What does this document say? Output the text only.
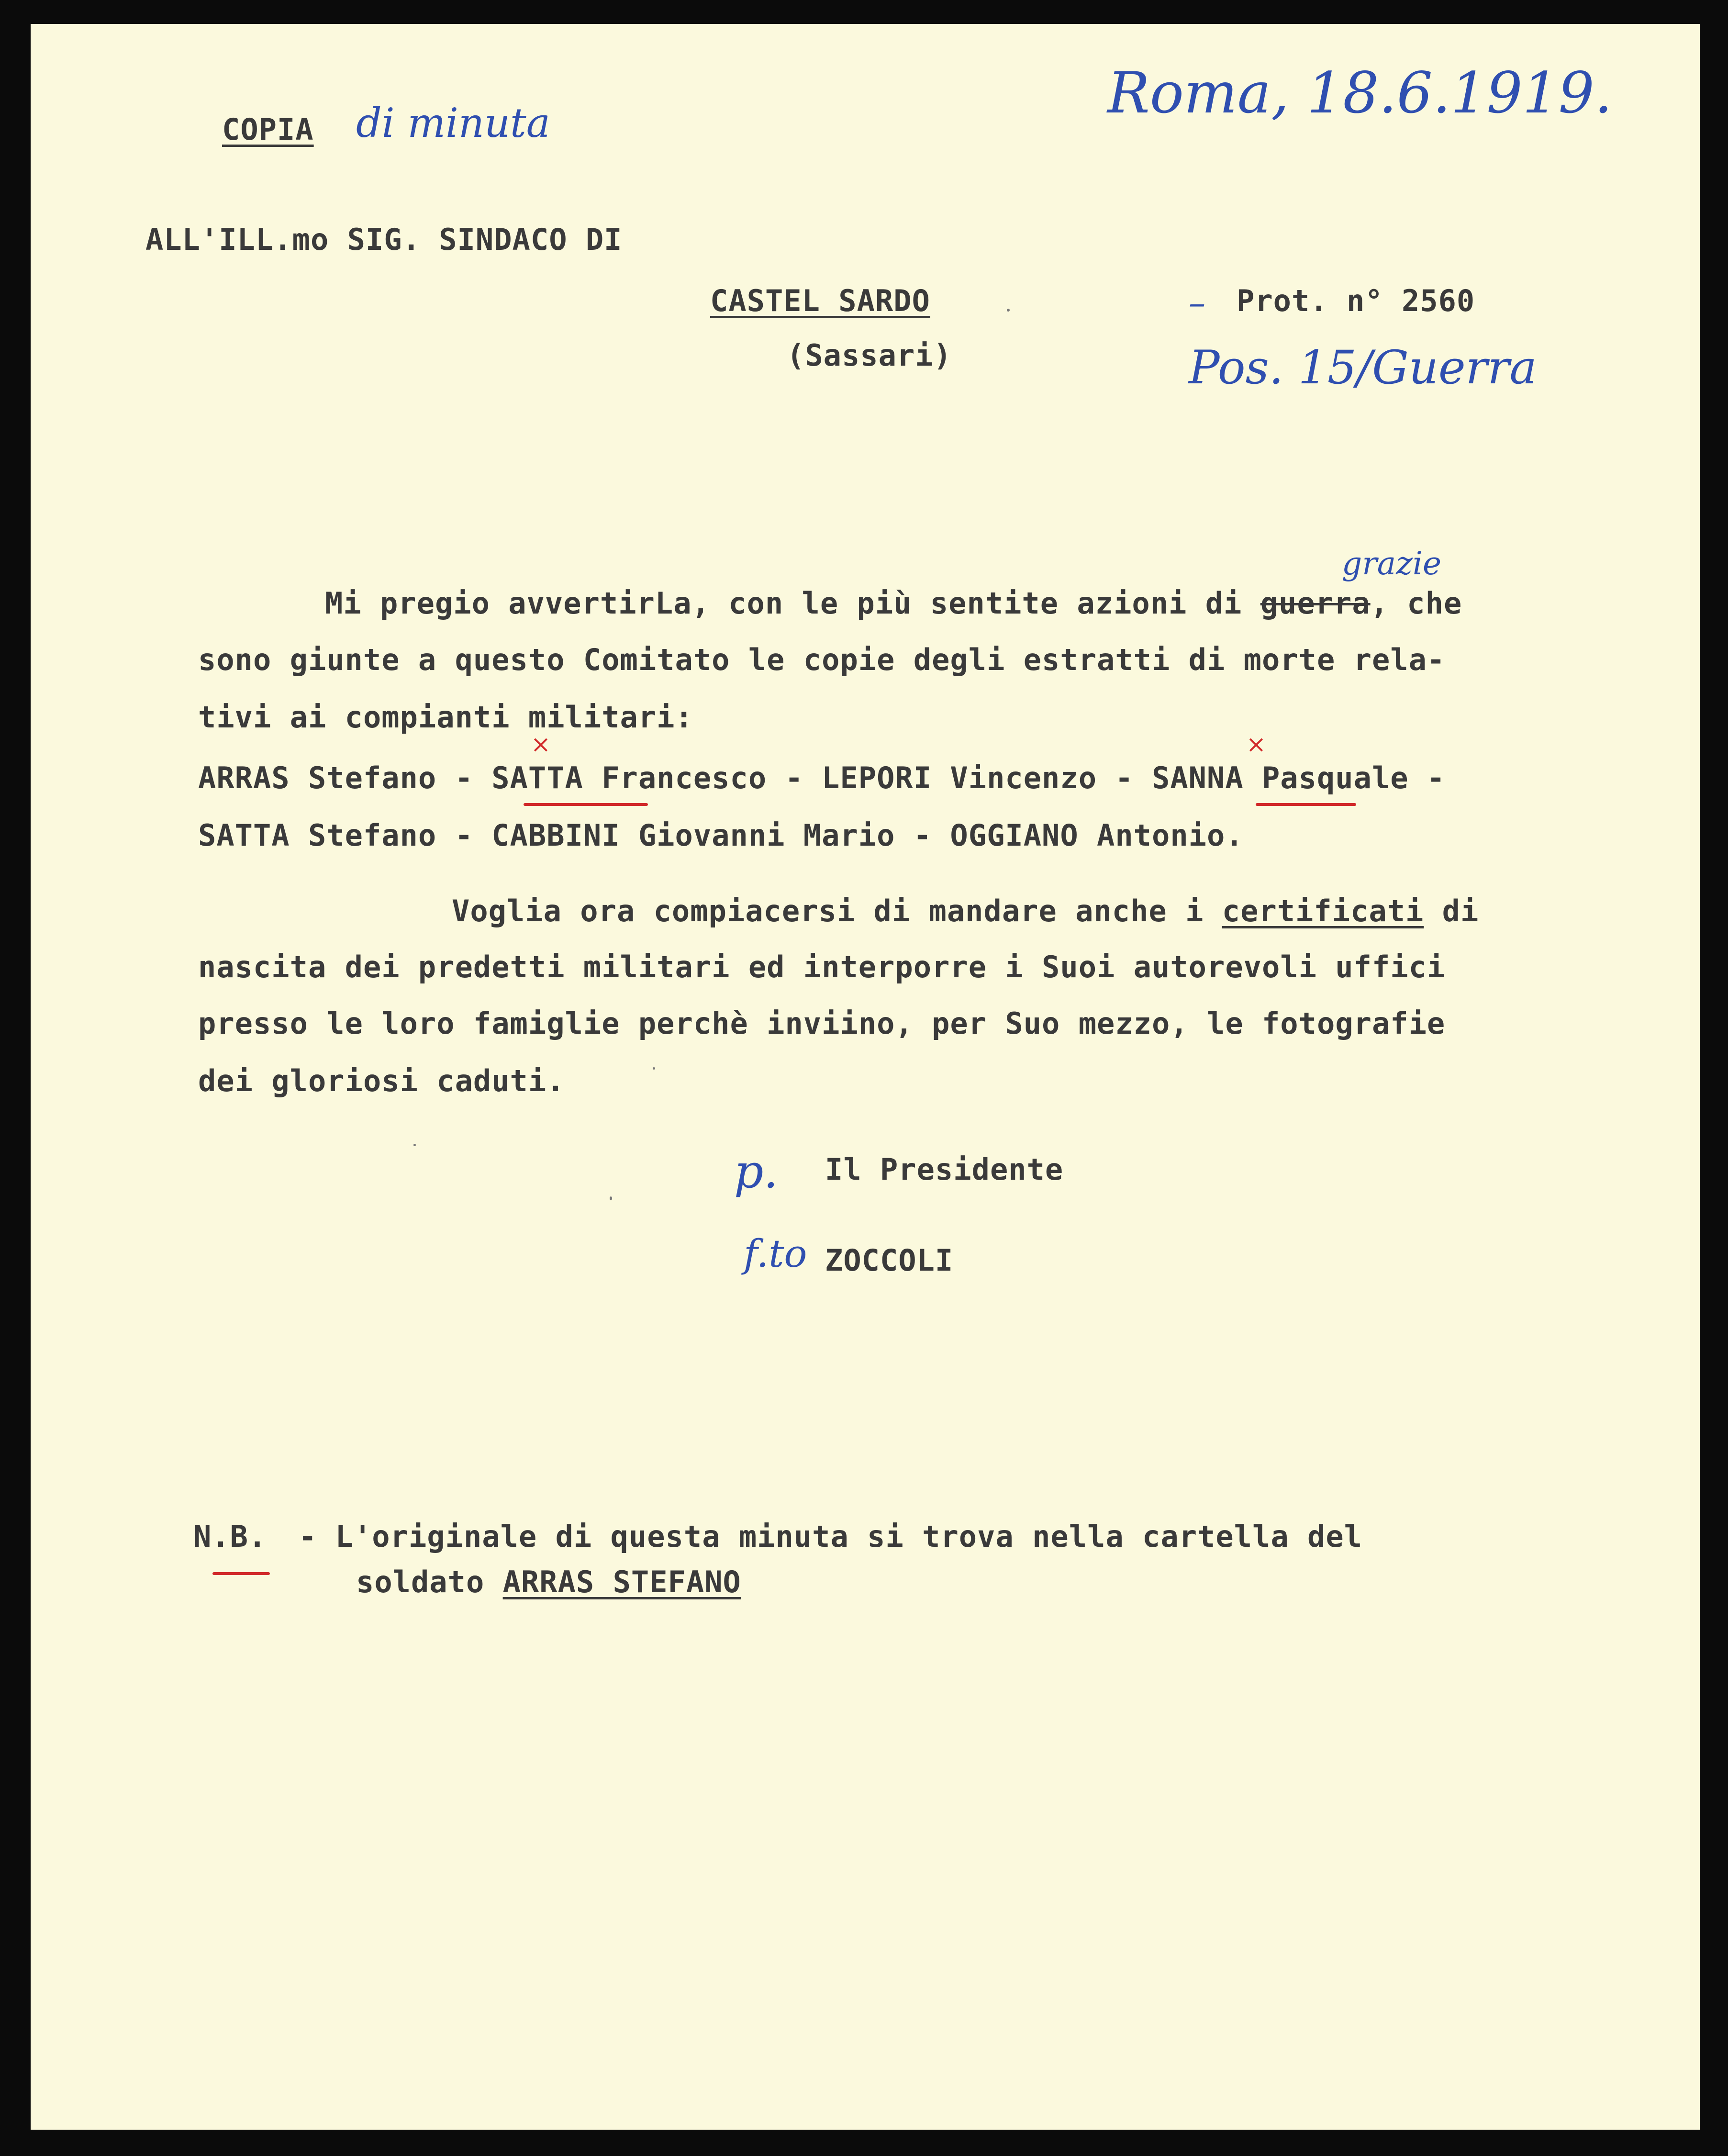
COPIA di minuta	Roma, 18.6.1919.
ALL'ILL.mo SIG. SINDACO DI
CASTEL SARDO
(Sassari)
– Prot. n° 2560
Pos. 15/Guerra
Mi pregio avvertirLa, con le più sentite azioni di guerra, che
grazie
sono giunte a questo Comitato le copie degli estratti di morte rela-
tivi ai compianti militari:
ARRAS Stefano - SATTA Francesco - LEPORI Vincenzo - SANNA Pasquale -
×
×
SATTA Stefano - CABBINI Giovanni Mario - OGGIANO Antonio.
Voglia ora compiacersi di mandare anche i certificati di
nascita dei predetti militari ed interporre i Suoi autorevoli uffici
presso le loro famiglie perchè inviino, per Suo mezzo, le fotografie
dei gloriosi caduti.
p. Il Presidente
f.to ZOCCOLI
N.B. - L'originale di questa minuta si trova nella cartella del
soldato ARRAS STEFANO
